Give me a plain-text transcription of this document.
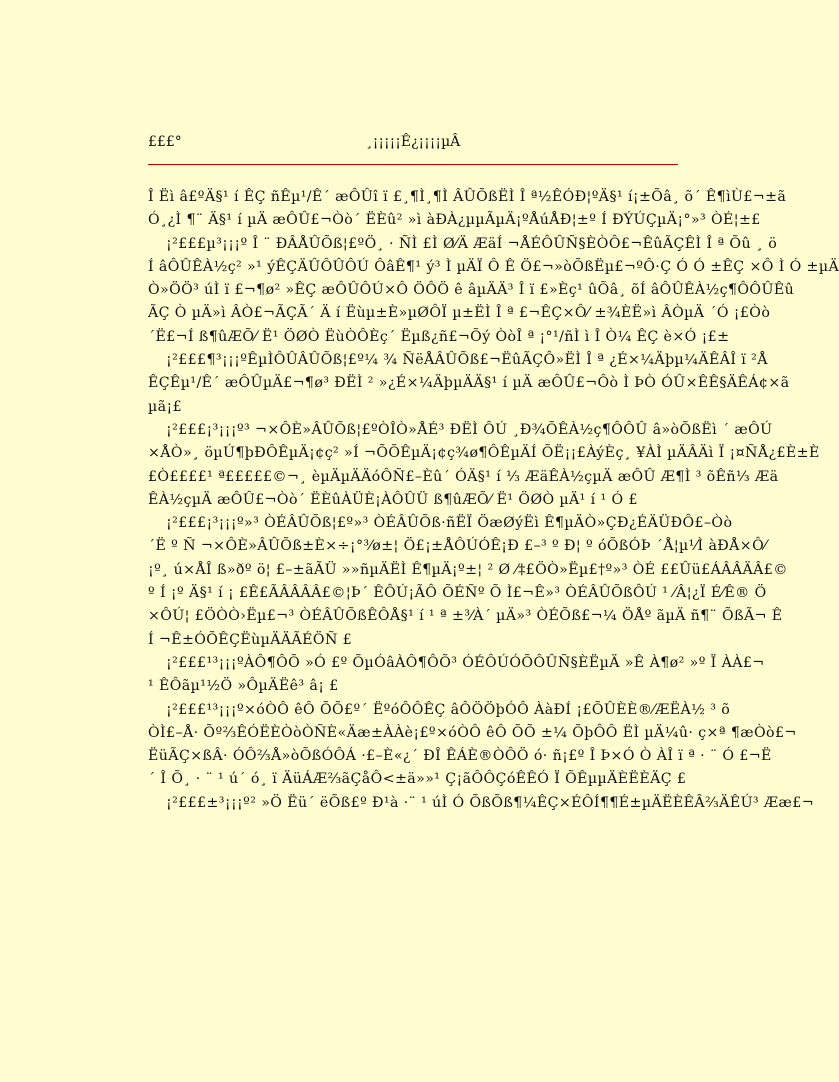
£££°	¸¡¡¡¡¡Ê¿¡¡¡¡µÂ
Î Ëì â£ºÄ§¹ í ÊÇ ñÊµ¹/Ê´ æÔÛî ï £¸¶Ì¸¶Ì ÂÛÕßËÌ Î ª½ÊÓÐ¦ºÄ§¹ í¡±Õâ¸ õ´ Ê¶ìÙ£¬±ã
Ó¸¿Ì ¶¨ Ä§¹ í µÄ æÔÛ£¬Òò´ ËÈû² »ì àÐÀ¿µµÃµÄ¡ºÅúÅÐ¦±º Í ÐÝÚÇµÄ¡°»³ ÒÉ¦±£
¡²£££µ³¡¡¡º Î ¨ ÐÂÅÛÕß¦£ºÖ¸ · ÑÌ £Ì Ø⁄Ä ÆäÍ ¬ÅÉÔÛÑ§ÈÒÔ£¬ÊûÃÇÊÌ Î ª Õû ¸ ö
Í âÔÛÊÀ½ç² »¹ ýÊÇÄÛÔÛÔÚ ÔâÊ¶¹ ý³ Ì µÄÏ Ô Ê Ö£¬»òÕßËµ£¬ºÔ·Ç Ó Ó ±ÊÇ ×Ô Ì Ó ±µÄ
Ò»ÖÖ³ úÌ ï £¬¶ø² »ÊÇ æÔÛÔÚ×Ô ÖÔÖ ê âµÄÄ³ Î ï £»Èç¹ ûÕâ¸ õÍ âÔÛÊÀ½ç¶ÔÔÛÊû
ÃÇ Ò µÄ»ì ÂÒ£¬ÃÇÃ´ Ä í Ëùµ±È»µØÔÏ µ±ËÌ Î ª £¬ÊÇ×Ô⁄ ±¾ÈË»ì ÂÒµÄ ´Ó ¡£Òò
´Ë£¬Í ß¶ûÆÕ⁄ Ë¹ ÖØÒ ËùÒÔÈç´ Ëµß¿ñ£¬Õý ÒòÎ ª ¡°¹/ñÌ ì Î Ò¼ ÊÇ è×Ó ¡£±
¡²£££¶³¡¡¡ºÊµÌÔÛÂÛÕß¦£º¼ ¾ ÑëÅÂÛÕß£¬ËûÃÇÔ»ËÌ Î ª ¿É×¼Äþµ¼ÄÊÂÎ ï ²Å
ÊÇÊµ¹/Ê´ æÔÛµÄ£¬¶ø³ ÐËÌ ² »¿É×¼ÄþµÄÄ§¹ í µÄ æÔÛ£¬Ôò Ì ÞÒ ÓÛ×ÊÊ§ÄÊÁ¢×ã
µã¡£
¡²£££¡³¡¡¡º³ ¬×ÔÈ»ÂÛÕß¦£ºÒÎÒ»ÅÉ³ ÐËÌ ÔÚ ¸Ð¾ÕÊÀ½ç¶ÔÔÛ â»òÕßËì ´ æÔÚ
×ÅÒ»¸ öµÚ¶þÐÔÊµÄ¡¢ç² »Í ¬ÕÕÊµÄ¡¢ç¾ø¶ÔÊµÄÍ ÕË¡¡£ÀýÈç¸ ¥ÀÌ µÄÂÄì Ï ¡¤ÑÅ¿£È±È
£Ò££££¹ ª£££££©¬¸ èµÄµÄÄóÔÑ£–Èû´ ÓÄ§¹ í ⅓ ÆäÊÀ½çµÄ æÔÛ Æ¶Ì ³ õÊñ⅓ Æä
ÊÀ½çµÄ æÔÛ£¬Òò´ ËÈûÀÜÈ¡ÀÔÛÜ ß¶ûÆÕ⁄ Ë¹ ÖØÒ µÄ¹ í ¹ Ó £
¡²£££¡³¡¡¡º»³ ÒÉÂÛÕß¦£º»³ ÒÉÂÛÕß·ñËÏ ÖæØýËì Ê¶µÄÒ»ÇÐ¿ÉÄÜÐÔ£–Òò
´Ë º Ñ ¬×ÔÈ»ÂÛÕß±È×÷¡°³⁄ø±¦ Ö£¡±ÅÔÚÓÊ¡Ð £–³ º Ð¦ º óÕßÓÞ ´Å¦µ¹⁄Ì àÐÅ×Ô⁄
¡º¸ ú×ÅÎ ß»ðº ö¦ £–±ãÃÜ »»ñµÄËÌ Ê¶µÄ¡º±¦ ² Ø ⁄‡£ÖÒ»Ëµ£†º»³ ÒÉ ££Ûü£ÁÂÂÄÂ£©
º Í ¡º Ä§¹ í ¡ £Ê£ÃÂÂÂÂ£©¦Þ´ ÊÔÚ¡ÃÔ ÕÉÑº Õ Ì£¬Ê»³ ÒÉÂÛÕßÔÚ ¹ ⁄Â¦¿Ï É⁄Ê® Ö
×ÔÚ¦ £ÖÒÒ›Ëµ£¬³ ÒÉÂÛÕßÊÔÅ§¹ í ¹ ª ±³⁄À´ µÄ»³ ÒÉÕß£¬¼ ÖÅº ãµÄ ñ¶¨ ÕßÃ¬ Ê
Í ¬Ê±ÓÕÊÇËùµÄÄÃÉÖÑ £
¡²£££¹³¡¡¡ºÀÔ¶ÔÕ »Ó £º ÕµÓâÀÔ¶ÔÕ³ ÓÉÔÚÓÕÔÛÑ§ÈËµÄ »Ê À¶ø² »º Ï ÀÀ£¬
¹ ÊÔãµ¹½Ö »ÔµÄËê³ â¡ £
¡²£££¹³¡¡¡º×óÒÔ êÔ ÕÕ£º´ ËºóÔÔÊÇ âÔÖÖþÓÔ ÀàÐÍ ¡£ÕÛÈÈ®⁄ÆËÀ½ ³ õ
ÒÌ£–Å· Õº⅔ÊÓËÈÒòÒÑÈ«Äæ±ÀÀè¡£º×óÒÔ êÔ ÕÕ ±¼ ÕþÔÔ ËÌ µÄ¼û· ç×ª ¶æÒò£¬
ËüÃÇ×ßÂ· ÓÔ⅔Å»òÕßÓÔÁ ·£–È«¿´ ÐÎ ÊÁÈ®ÒÔÖ ó· ñ¡£º Î Þ×Ó Ò ÀÎ ï ª · ¨ Ó £¬Ë
´ Î Õ¸ · ¨ ¹ ú´ ó¸ ï ÄüÁÆ⅔ãÇåÔ<±ä»»¹ Ç¡ãÔÔÇóÊÊÓ Ï ÕÊµµÄÈËÈÄÇ £
¡²£££±³¡¡¡º² »Ö Ëü´ ëÕß£º Ð¹à ·¨ ¹ úÌ Ó ÕßÕß¶¼ÊÇ×ÉÔÍ¶¶É±µÄËÈÊÂ⅔ÄÊÚ³ Ææ£¬
